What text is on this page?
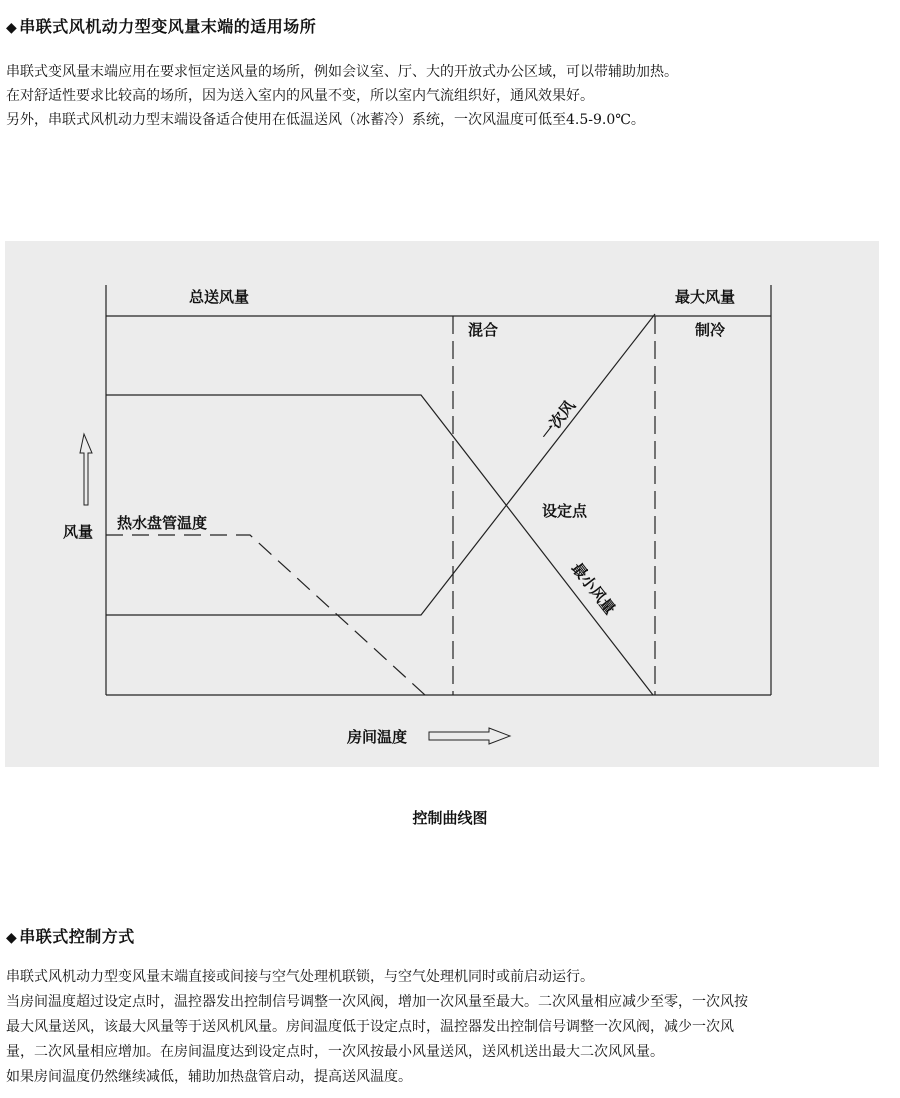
◆ 串联式风机动力型变风量末端的适用场所

串联式变风量末端应用在要求恒定送风量的场所，例如会议室、厅、大的开放式办公区域，可以带辅助加热。

在对舒适性要求比较高的场所，因为送入室内的风量不变，所以室内气流组织好，通风效果好。

另外，串联式风机动力型末端设备适合使用在低温送风（冰蓄冷）系统，一次风温度可低至4.5-9.0℃。

总送风量	最大风量
混合	制冷
一次风
设定点
最小风量
热水盘管温度
风量
房间温度
控制曲线图
◆ 串联式控制方式

串联式风机动力型变风量末端直接或间接与空气处理机联锁，与空气处理机同时或前启动运行。

当房间温度超过设定点时，温控器发出控制信号调整一次风阀，增加一次风量至最大。二次风量相应减少至零，一次风按

最大风量送风，该最大风量等于送风机风量。房间温度低于设定点时，温控器发出控制信号调整一次风阀，减少一次风

量，二次风量相应增加。在房间温度达到设定点时，一次风按最小风量送风，送风机送出最大二次风风量。

如果房间温度仍然继续减低，辅助加热盘管启动，提高送风温度。
